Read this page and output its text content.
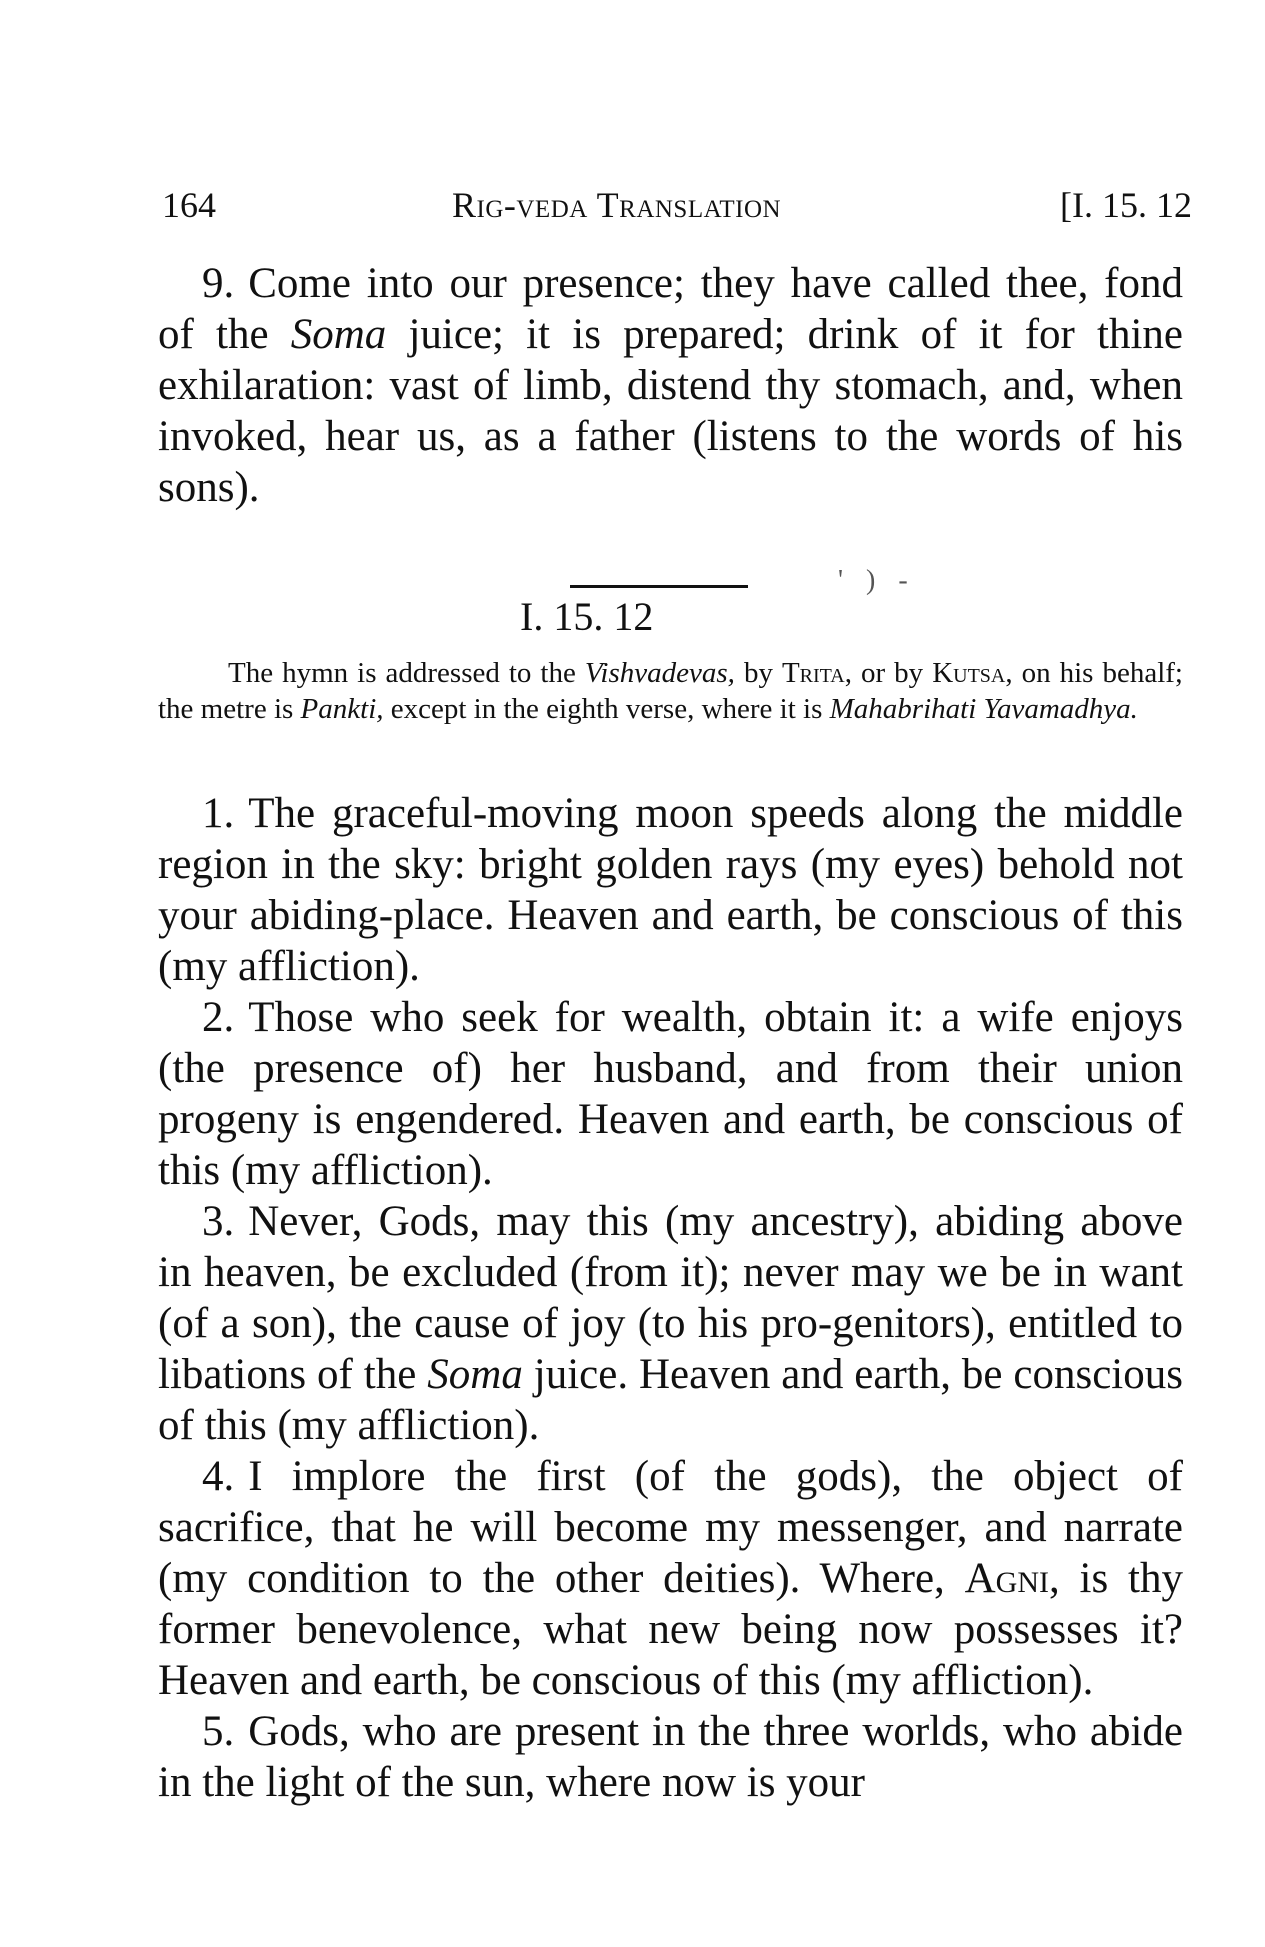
164	Rig-veda Translation	[I. 15. 12

9. Come into our presence; they have called thee, fond of the Soma juice; it is prepared; drink of it for thine exhilaration: vast of limb, distend thy stomach, and, when invoked, hear us, as a father (listens to the words of his sons).

I. 15. 12
' ) -

The hymn is addressed to the Vishvadevas, by Trita, or by Kutsa, on his behalf; the metre is Pankti, except in the eighth verse, where it is Mahabrihati Yavamadhya.

1. The graceful-moving moon speeds along the middle region in the sky: bright golden rays (my eyes) behold not your abiding-place. Heaven and earth, be conscious of this (my affliction).

2. Those who seek for wealth, obtain it: a wife enjoys (the presence of) her husband, and from their union progeny is engendered. Heaven and earth, be conscious of this (my affliction).

3. Never, Gods, may this (my ancestry), abiding above in heaven, be excluded (from it); never may we be in want (of a son), the cause of joy (to his pro-genitors), entitled to libations of the Soma juice. Heaven and earth, be conscious of this (my affliction).

4. I implore the first (of the gods), the object of sacrifice, that he will become my messenger, and narrate (my condition to the other deities). Where, Agni, is thy former benevolence, what new being now possesses it? Heaven and earth, be conscious of this (my affliction).

5. Gods, who are present in the three worlds, who abide in the light of the sun, where now is your
